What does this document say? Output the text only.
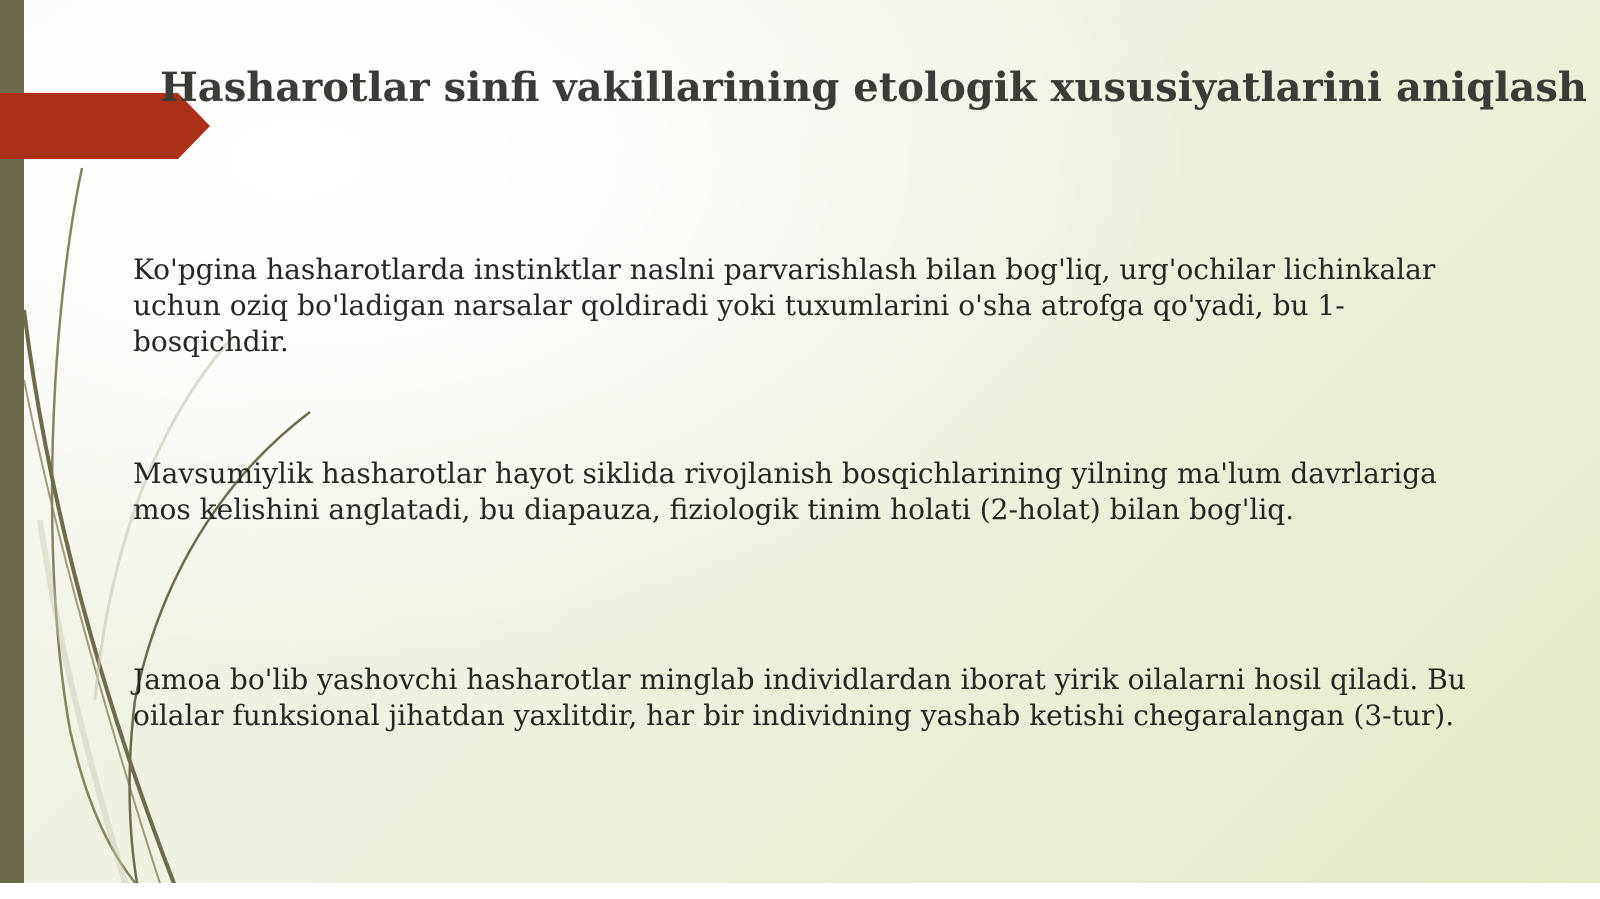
Hasharotlar sinfi vakillarining etologik xususiyatlarini aniqlash

Ko'pgina hasharotlarda instinktlar naslni parvarishlash bilan bog'liq, urg'ochilar lichinkalar uchun oziq bo'ladigan narsalar qoldiradi yoki tuxumlarini o'sha atrofga qo'yadi, bu 1-bosqichdir.

Mavsumiylik hasharotlar hayot siklida rivojlanish bosqichlarining yilning ma'lum davrlariga mos kelishini anglatadi, bu diapauza, fiziologik tinim holati (2-holat) bilan bog'liq.

Jamoa bo'lib yashovchi hasharotlar minglab individlardan iborat yirik oilalarni hosil qiladi. Bu oilalar funksional jihatdan yaxlitdir, har bir individning yashab ketishi chegaralangan (3-tur).
